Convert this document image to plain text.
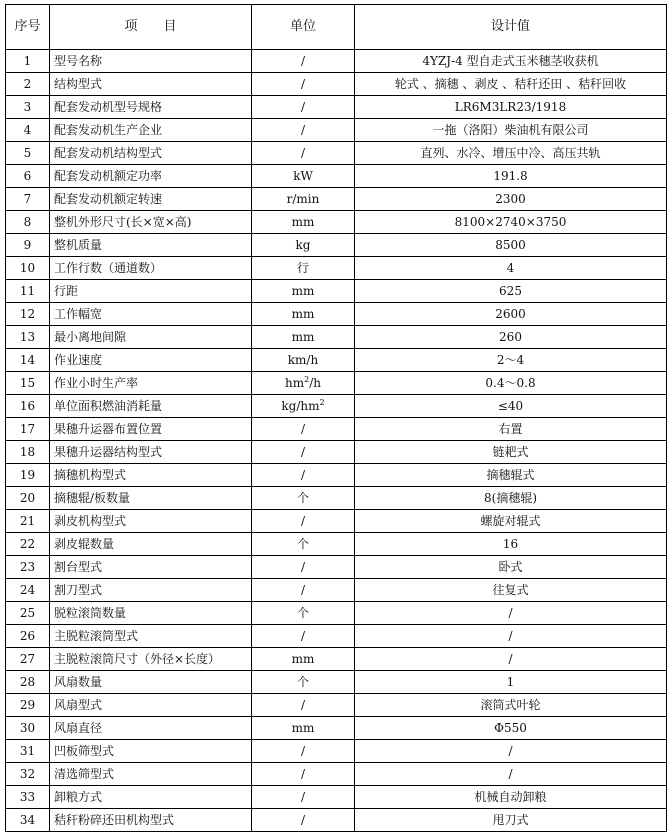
序号	项　　目	单位	设计值
1	型号名称	/	4YZJ-4 型自走式玉米穗茎收获机
2	结构型式	/	轮式 、摘穗 、剥皮 、秸秆还田 、秸秆回收
3	配套发动机型号规格	/	LR6M3LR23/1918
4	配套发动机生产企业	/	一拖（洛阳）柴油机有限公司
5	配套发动机结构型式	/	直列、水冷、增压中冷、高压共轨
6	配套发动机额定功率	kW	191.8
7	配套发动机额定转速	r/min	2300
8	整机外形尺寸(长×宽×高)	mm	8100×2740×3750
9	整机质量	kg	8500
10	工作行数（通道数）	行	4
11	行距	mm	625
12	工作幅宽	mm	2600
13	最小离地间隙	mm	260
14	作业速度	km/h	2～4
15	作业小时生产率	$hm^2/h$	0.4～0.8
16	单位面积燃油消耗量	$kg/hm^2$	≤40
17	果穗升运器布置位置	/	右置
18	果穗升运器结构型式	/	链耙式
19	摘穗机构型式	/	摘穗辊式
20	摘穗辊/板数量	个	8(摘穗辊)
21	剥皮机构型式	/	螺旋对辊式
22	剥皮辊数量	个	16
23	割台型式	/	卧式
24	割刀型式	/	往复式
25	脱粒滚筒数量	个	/
26	主脱粒滚筒型式	/	/
27	主脱粒滚筒尺寸（外径×长度）	mm	/
28	风扇数量	个	1
29	风扇型式	/	滚筒式叶轮
30	风扇直径	mm	Φ550
31	凹板筛型式	/	/
32	清选筛型式	/	/
33	卸粮方式	/	机械自动卸粮
34	秸秆粉碎还田机构型式	/	甩刀式
